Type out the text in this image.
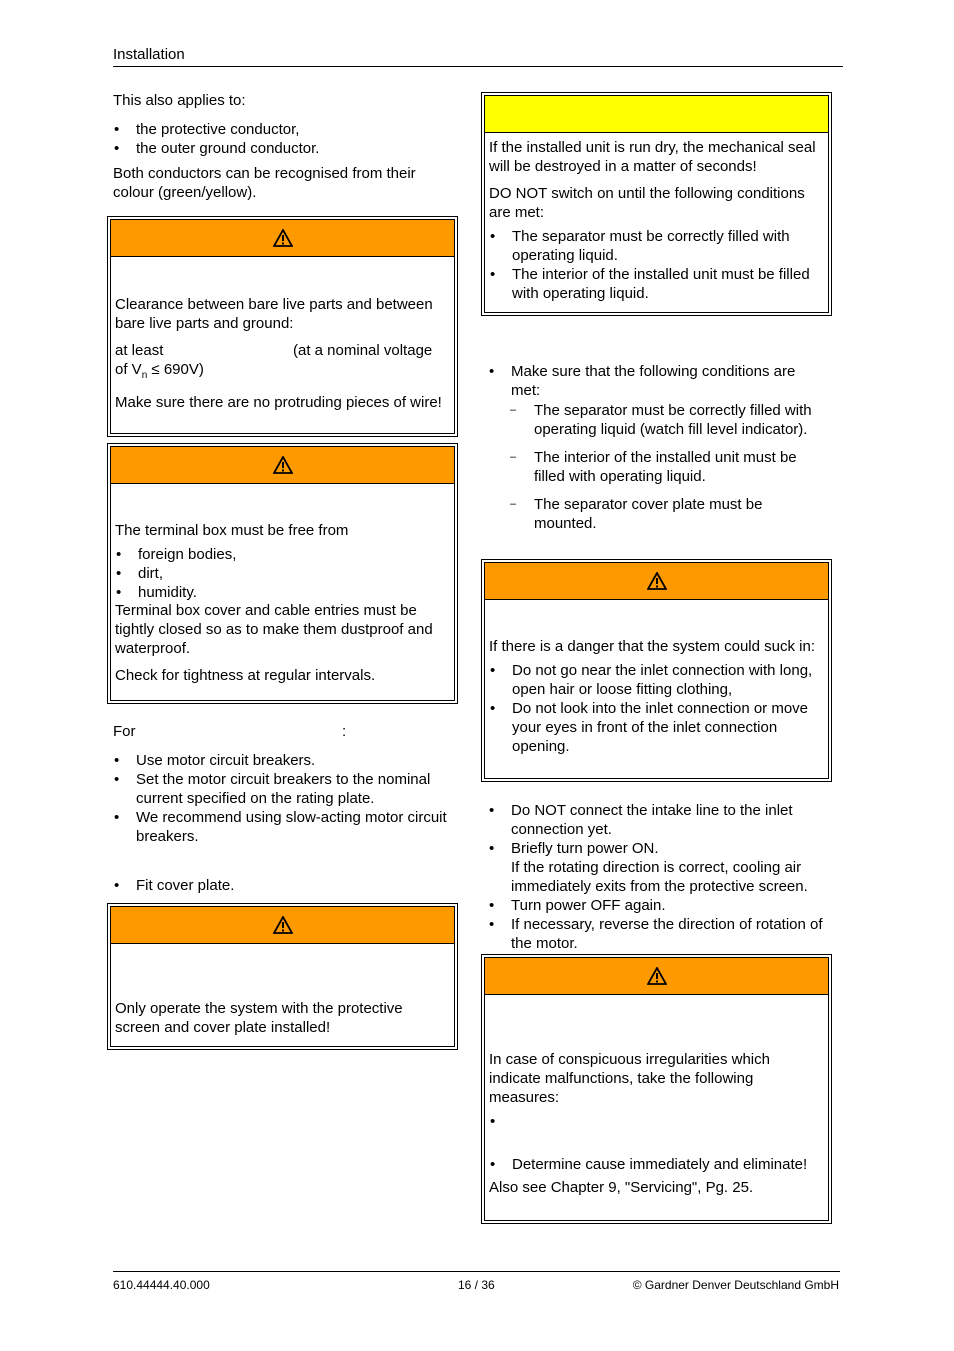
Installation

This also applies to:

• the protective conductor,
• the outer ground conductor.

Both conductors can be recognised from their colour (green/yellow).

Clearance between bare live parts and between bare live parts and ground:

at least	(at a nominal voltage

of $V_n \le 690V$)

Make sure there are no protruding pieces of wire!

The terminal box must be free from

• foreign bodies,
• dirt,
• humidity.

Terminal box cover and cable entries must be tightly closed so as to make them dustproof and waterproof.

Check for tightness at regular intervals.

For	:

• Use motor circuit breakers.
• Set the motor circuit breakers to the nominal current specified on the rating plate.
• We recommend using slow-acting motor circuit breakers.
• Fit cover plate.

Only operate the system with the protective screen and cover plate installed!

If the installed unit is run dry, the mechanical seal will be destroyed in a matter of seconds!

DO NOT switch on until the following conditions are met:

• The separator must be correctly filled with operating liquid.
• The interior of the installed unit must be filled with operating liquid.
• Make sure that the following conditions are met:
– The separator must be correctly filled with operating liquid (watch fill level indicator).
– The interior of the installed unit must be filled with operating liquid.
– The separator cover plate must be mounted.

If there is a danger that the system could suck in:

• Do not go near the inlet connection with long, open hair or loose fitting clothing,
• Do not look into the inlet connection or move your eyes in front of the inlet connection opening.
• Do NOT connect the intake line to the inlet connection yet.
• Briefly turn power ON.
If the rotating direction is correct, cooling air immediately exits from the protective screen.
• Turn power OFF again.
• If necessary, reverse the direction of rotation of the motor.

In case of conspicuous irregularities which indicate malfunctions, take the following measures:

•
• Determine cause immediately and eliminate!

Also see Chapter 9, "Servicing", Pg. 25.

610.44444.40.000	16 / 36	© Gardner Denver Deutschland GmbH
